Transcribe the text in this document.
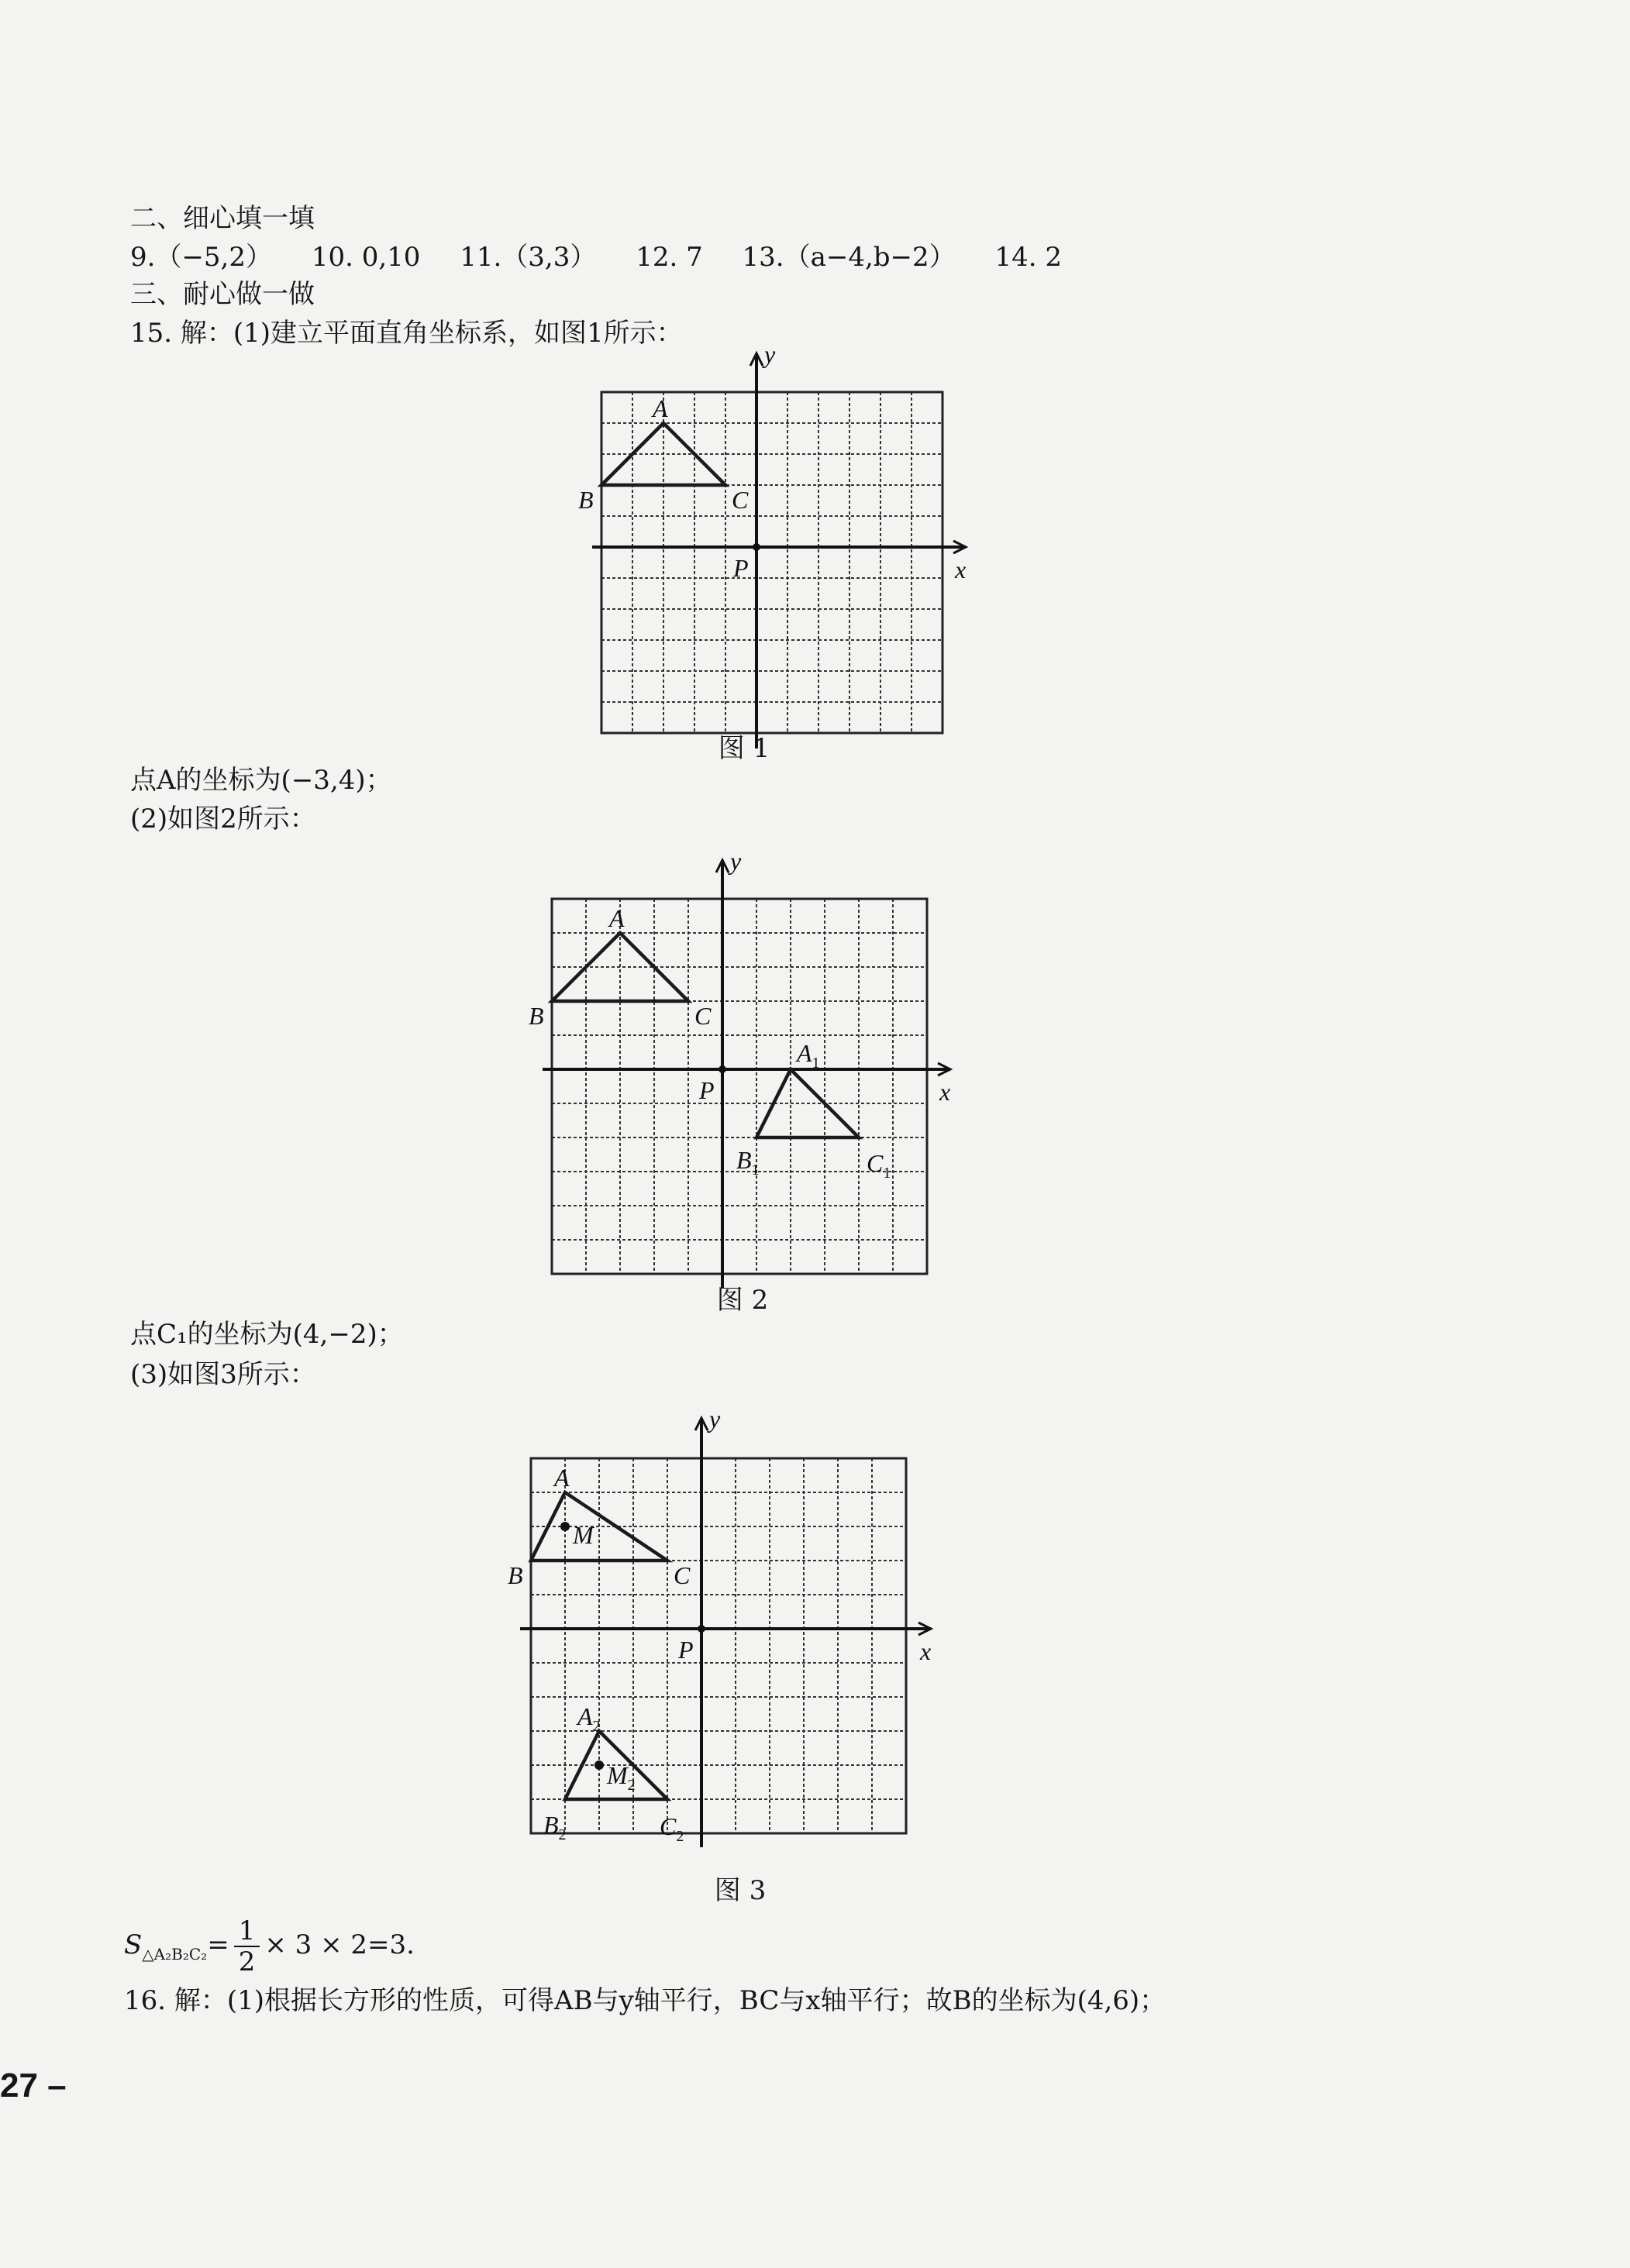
二、细心填一填
9.（−5,2） 10. 0,10 11.（3,3） 12. 7 13.（a−4,b−2） 14. 2
三、耐心做一做
15. 解：(1)建立平面直角坐标系，如图1所示：
x
y
P
A
B	C
图 1
点A的坐标为(−3,4)；
(2)如图2所示：
x
y
P
A
B	C
$A_1$
$B_1$	$C_1$
图 2
点C₁的坐标为(4,−2)；
(3)如图3所示：
x
y
P
A
B	C
M
$A_2$
$B_2$	$C_2$
$M_2$
图 3
$S_{\triangle A_2B_2C_2}= \frac{1}{2} \times 3 \times 2=3$.
16. 解：(1)根据长方形的性质，可得AB与y轴平行，BC与x轴平行；故B的坐标为(4,6)；
27 –
